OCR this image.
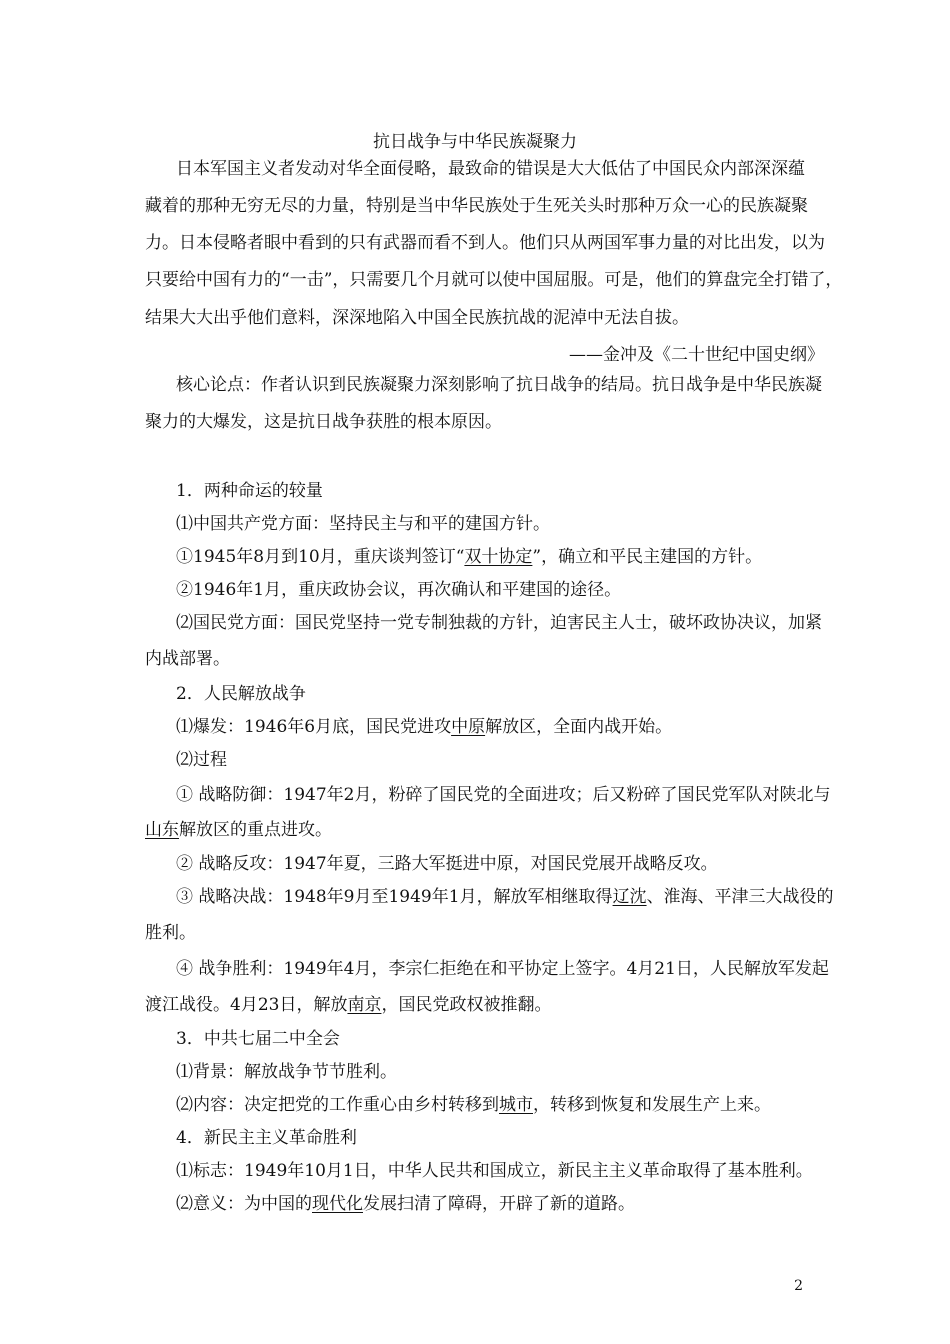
抗日战争与中华民族凝聚力
日本军国主义者发动对华全面侵略，最致命的错误是大大低估了中国民众内部深深蕴
藏着的那种无穷无尽的力量，特别是当中华民族处于生死关头时那种万众一心的民族凝聚
力。日本侵略者眼中看到的只有武器而看不到人。他们只从两国军事力量的对比出发，以为
只要给中国有力的“一击”，只需要几个月就可以使中国屈服。可是，他们的算盘完全打错了，
结果大大出乎他们意料，深深地陷入中国全民族抗战的泥淖中无法自拔。
——金冲及《二十世纪中国史纲》
核心论点：作者认识到民族凝聚力深刻影响了抗日战争的结局。抗日战争是中华民族凝
聚力的大爆发，这是抗日战争获胜的根本原因。
1．两种命运的较量
⑴中国共产党方面：坚持民主与和平的建国方针。
①1945年8月到10月，重庆谈判签订“双十协定”，确立和平民主建国的方针。
②1946年1月，重庆政协会议，再次确认和平建国的途径。
⑵国民党方面：国民党坚持一党专制独裁的方针，迫害民主人士，破坏政协决议，加紧
内战部署。
2．人民解放战争
⑴爆发：1946年6月底，国民党进攻中原解放区，全面内战开始。
⑵过程
① 战略防御：1947年2月，粉碎了国民党的全面进攻；后又粉碎了国民党军队对陕北与
山东解放区的重点进攻。
② 战略反攻：1947年夏，三路大军挺进中原，对国民党展开战略反攻。
③ 战略决战：1948年9月至1949年1月，解放军相继取得辽沈、淮海、平津三大战役的
胜利。
④ 战争胜利：1949年4月，李宗仁拒绝在和平协定上签字。4月21日，人民解放军发起
渡江战役。4月23日，解放南京，国民党政权被推翻。
3．中共七届二中全会
⑴背景：解放战争节节胜利。
⑵内容：决定把党的工作重心由乡村转移到城市，转移到恢复和发展生产上来。
4．新民主主义革命胜利
⑴标志：1949年10月1日，中华人民共和国成立，新民主主义革命取得了基本胜利。
⑵意义：为中国的现代化发展扫清了障碍，开辟了新的道路。
2
